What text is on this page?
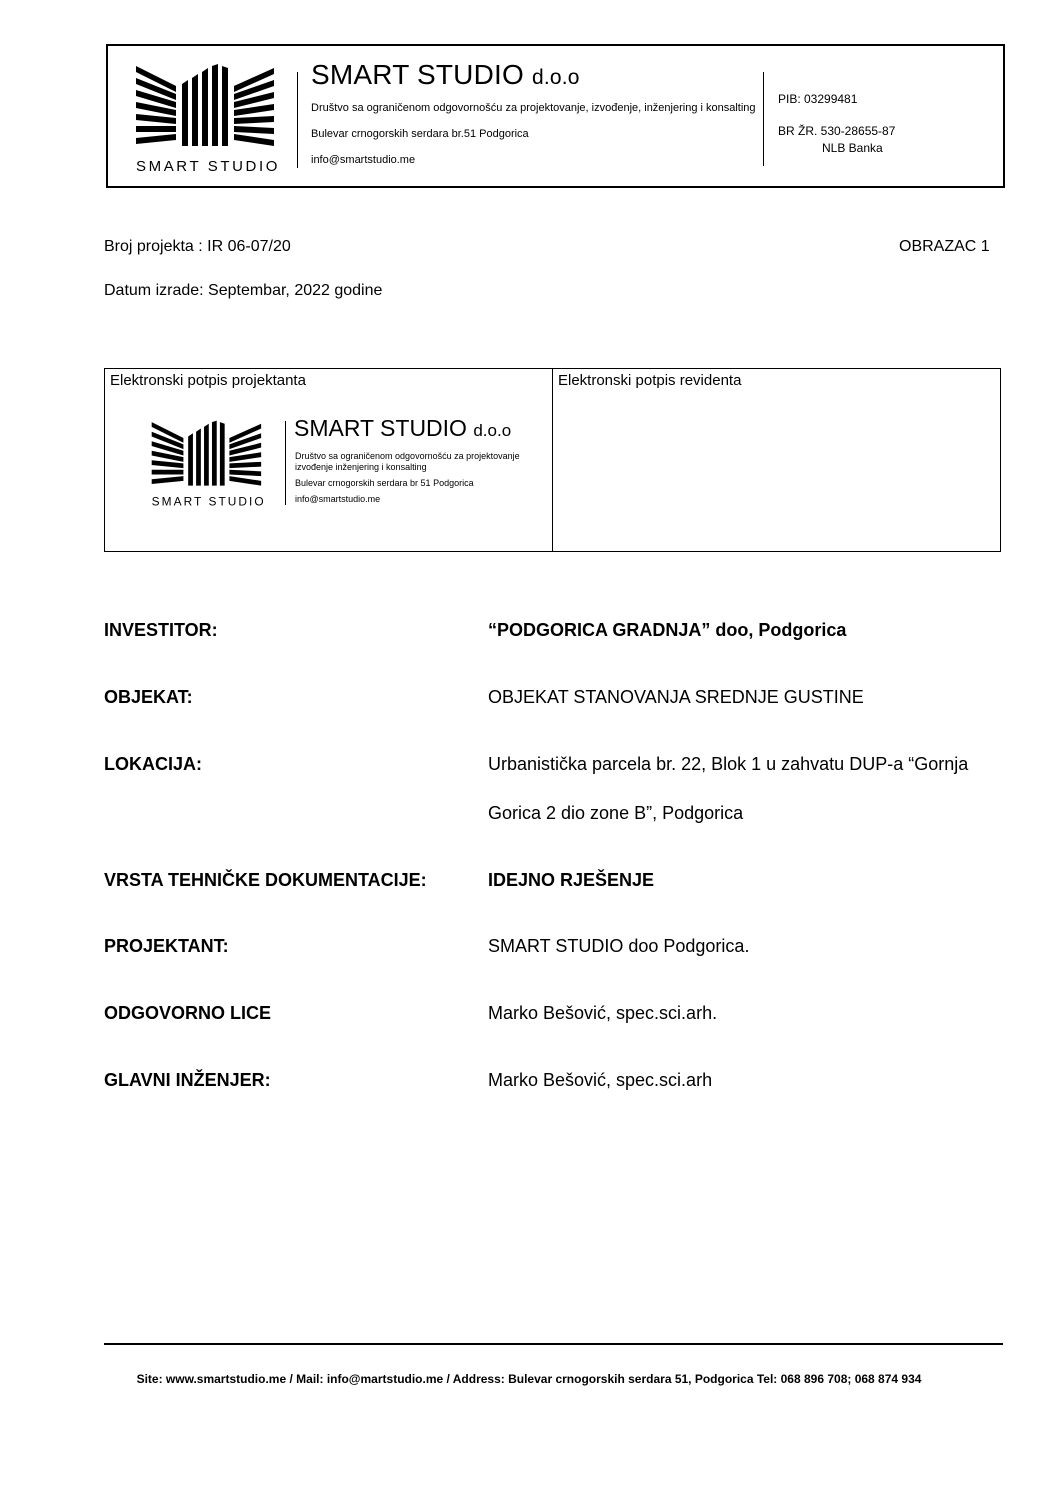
SMART STUDIO
SMART STUDIO d.o.o
Društvo sa ograničenom odgovornošću za projektovanje, izvođenje, inženjering i konsalting
Bulevar crnogorskih serdara br.51 Podgorica
info@smartstudio.me
PIB: 03299481
BR ŽR. 530-28655-87
NLB Banka
Broj projekta : IR 06-07/20	OBRAZAC 1
Datum izrade: Septembar, 2022 godine
Elektronski potpis projektanta
SMART STUDIO
SMART STUDIO d.o.o
Društvo sa ograničenom odgovornošću za projektovanje izvođenje inženjering i konsalting
Bulevar crnogorskih serdara br 51 Podgorica
info@smartstudio.me
Elektronski potpis revidenta
INVESTITOR:	“PODGORICA GRADNJA” doo, Podgorica
OBJEKAT:	OBJEKAT STANOVANJA SREDNJE GUSTINE
LOKACIJA:	Urbanistička parcela br. 22, Blok 1 u zahvatu DUP-a “Gornja
Gorica 2 dio zone B”, Podgorica
VRSTA TEHNIČKE DOKUMENTACIJE:	IDEJNO RJEŠENJE
PROJEKTANT:	SMART STUDIO doo Podgorica.
ODGOVORNO LICE	Marko Bešović, spec.sci.arh.
GLAVNI INŽENJER:	Marko Bešović, spec.sci.arh
Site: www.smartstudio.me / Mail: info@martstudio.me / Address: Bulevar crnogorskih serdara 51, Podgorica Tel: 068 896 708; 068 874 934
